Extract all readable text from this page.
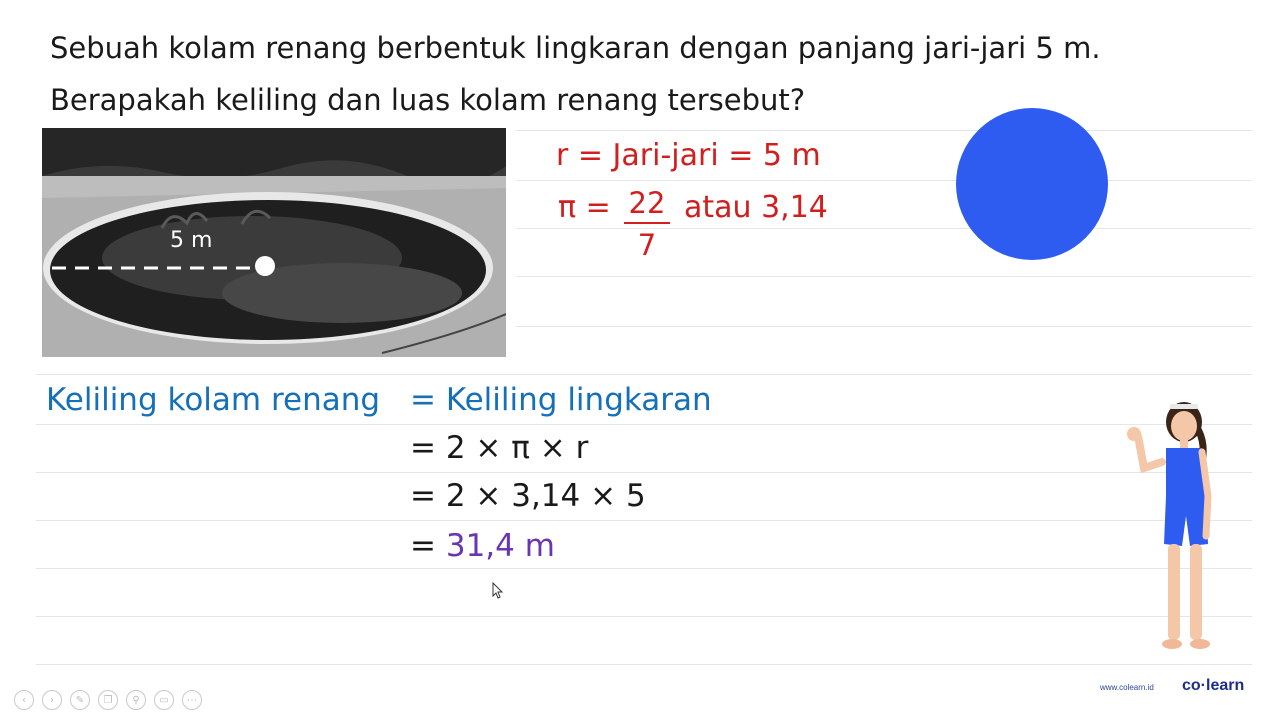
Sebuah kolam renang berbentuk lingkaran dengan panjang jari-jari 5 m.
Berapakah keliling dan luas kolam renang tersebut?
5 m
r = Jari-jari = 5 m
π = 22
7
atau 3,14
Keliling kolam renang = Keliling lingkaran
= 2 × π × r
= 2 × 3,14 × 5
= 31,4 m
‹	›	✎	❐	⚲	▭	⋯
www.colearn.id co·learn
